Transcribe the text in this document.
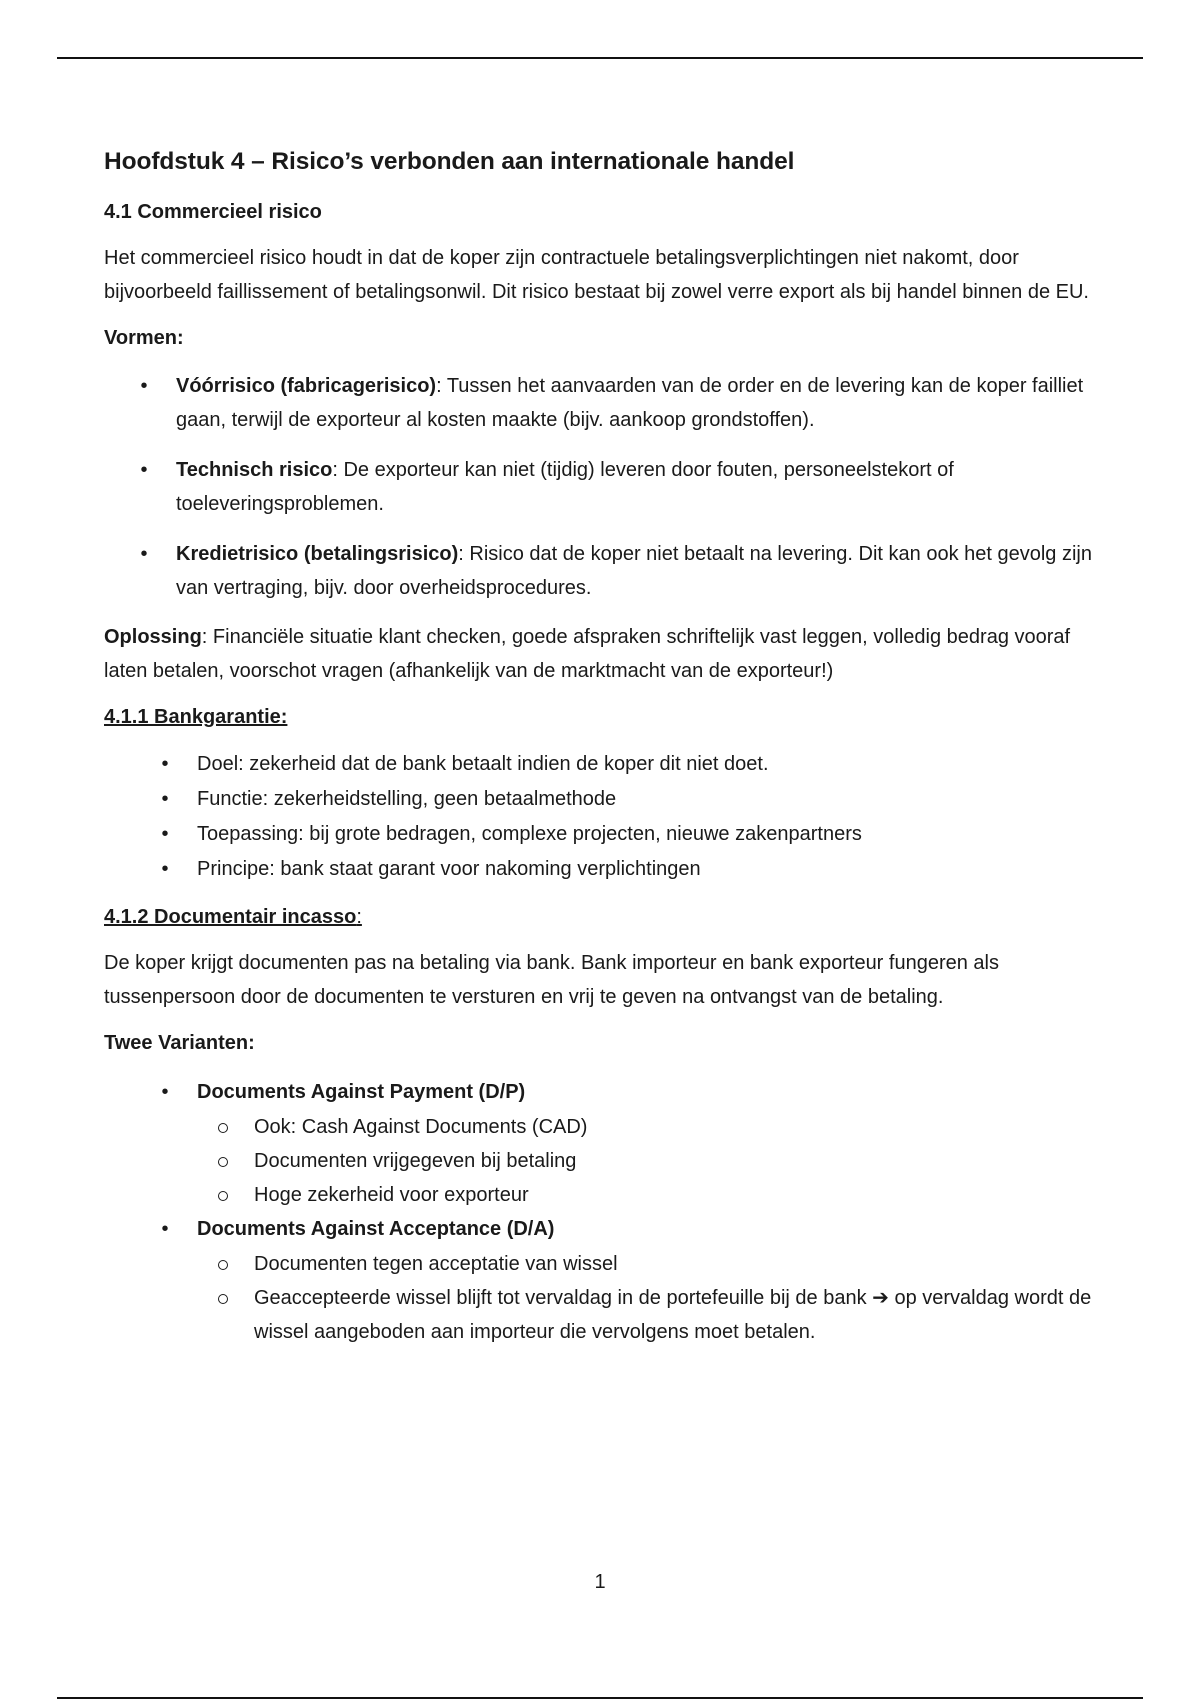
Hoofdstuk 4 – Risico’s verbonden aan internationale handel
4.1 Commercieel risico

Het commercieel risico houdt in dat de koper zijn contractuele betalingsverplichtingen niet nakomt, door bijvoorbeeld faillissement of betalingsonwil. Dit risico bestaat bij zowel verre export als bij handel binnen de EU.

Vormen:
• Vóórrisico (fabricagerisico): Tussen het aanvaarden van de order en de levering kan de koper failliet gaan, terwijl de exporteur al kosten maakte (bijv. aankoop grondstoffen).
• Technisch risico: De exporteur kan niet (tijdig) leveren door fouten, personeelstekort of toeleveringsproblemen.
• Kredietrisico (betalingsrisico): Risico dat de koper niet betaalt na levering. Dit kan ook het gevolg zijn van vertraging, bijv. door overheidsprocedures.

Oplossing: Financiële situatie klant checken, goede afspraken schriftelijk vast leggen, volledig bedrag vooraf laten betalen, voorschot vragen (afhankelijk van de marktmacht van de exporteur!)

4.1.1 Bankgarantie:
• Doel: zekerheid dat de bank betaalt indien de koper dit niet doet.
• Functie: zekerheidstelling, geen betaalmethode
• Toepassing: bij grote bedragen, complexe projecten, nieuwe zakenpartners
• Principe: bank staat garant voor nakoming verplichtingen
4.1.2 Documentair incasso:

De koper krijgt documenten pas na betaling via bank. Bank importeur en bank exporteur fungeren als tussenpersoon door de documenten te versturen en vrij te geven na ontvangst van de betaling.

Twee Varianten:
• Documents Against Payment (D/P)
Ook: Cash Against Documents (CAD)
Documenten vrijgegeven bij betaling
Hoge zekerheid voor exporteur
• Documents Against Acceptance (D/A)
Documenten tegen acceptatie van wissel
Geaccepteerde wissel blijft tot vervaldag in de portefeuille bij de bank ➔ op vervaldag wordt de wissel aangeboden aan importeur die vervolgens moet betalen.
1
